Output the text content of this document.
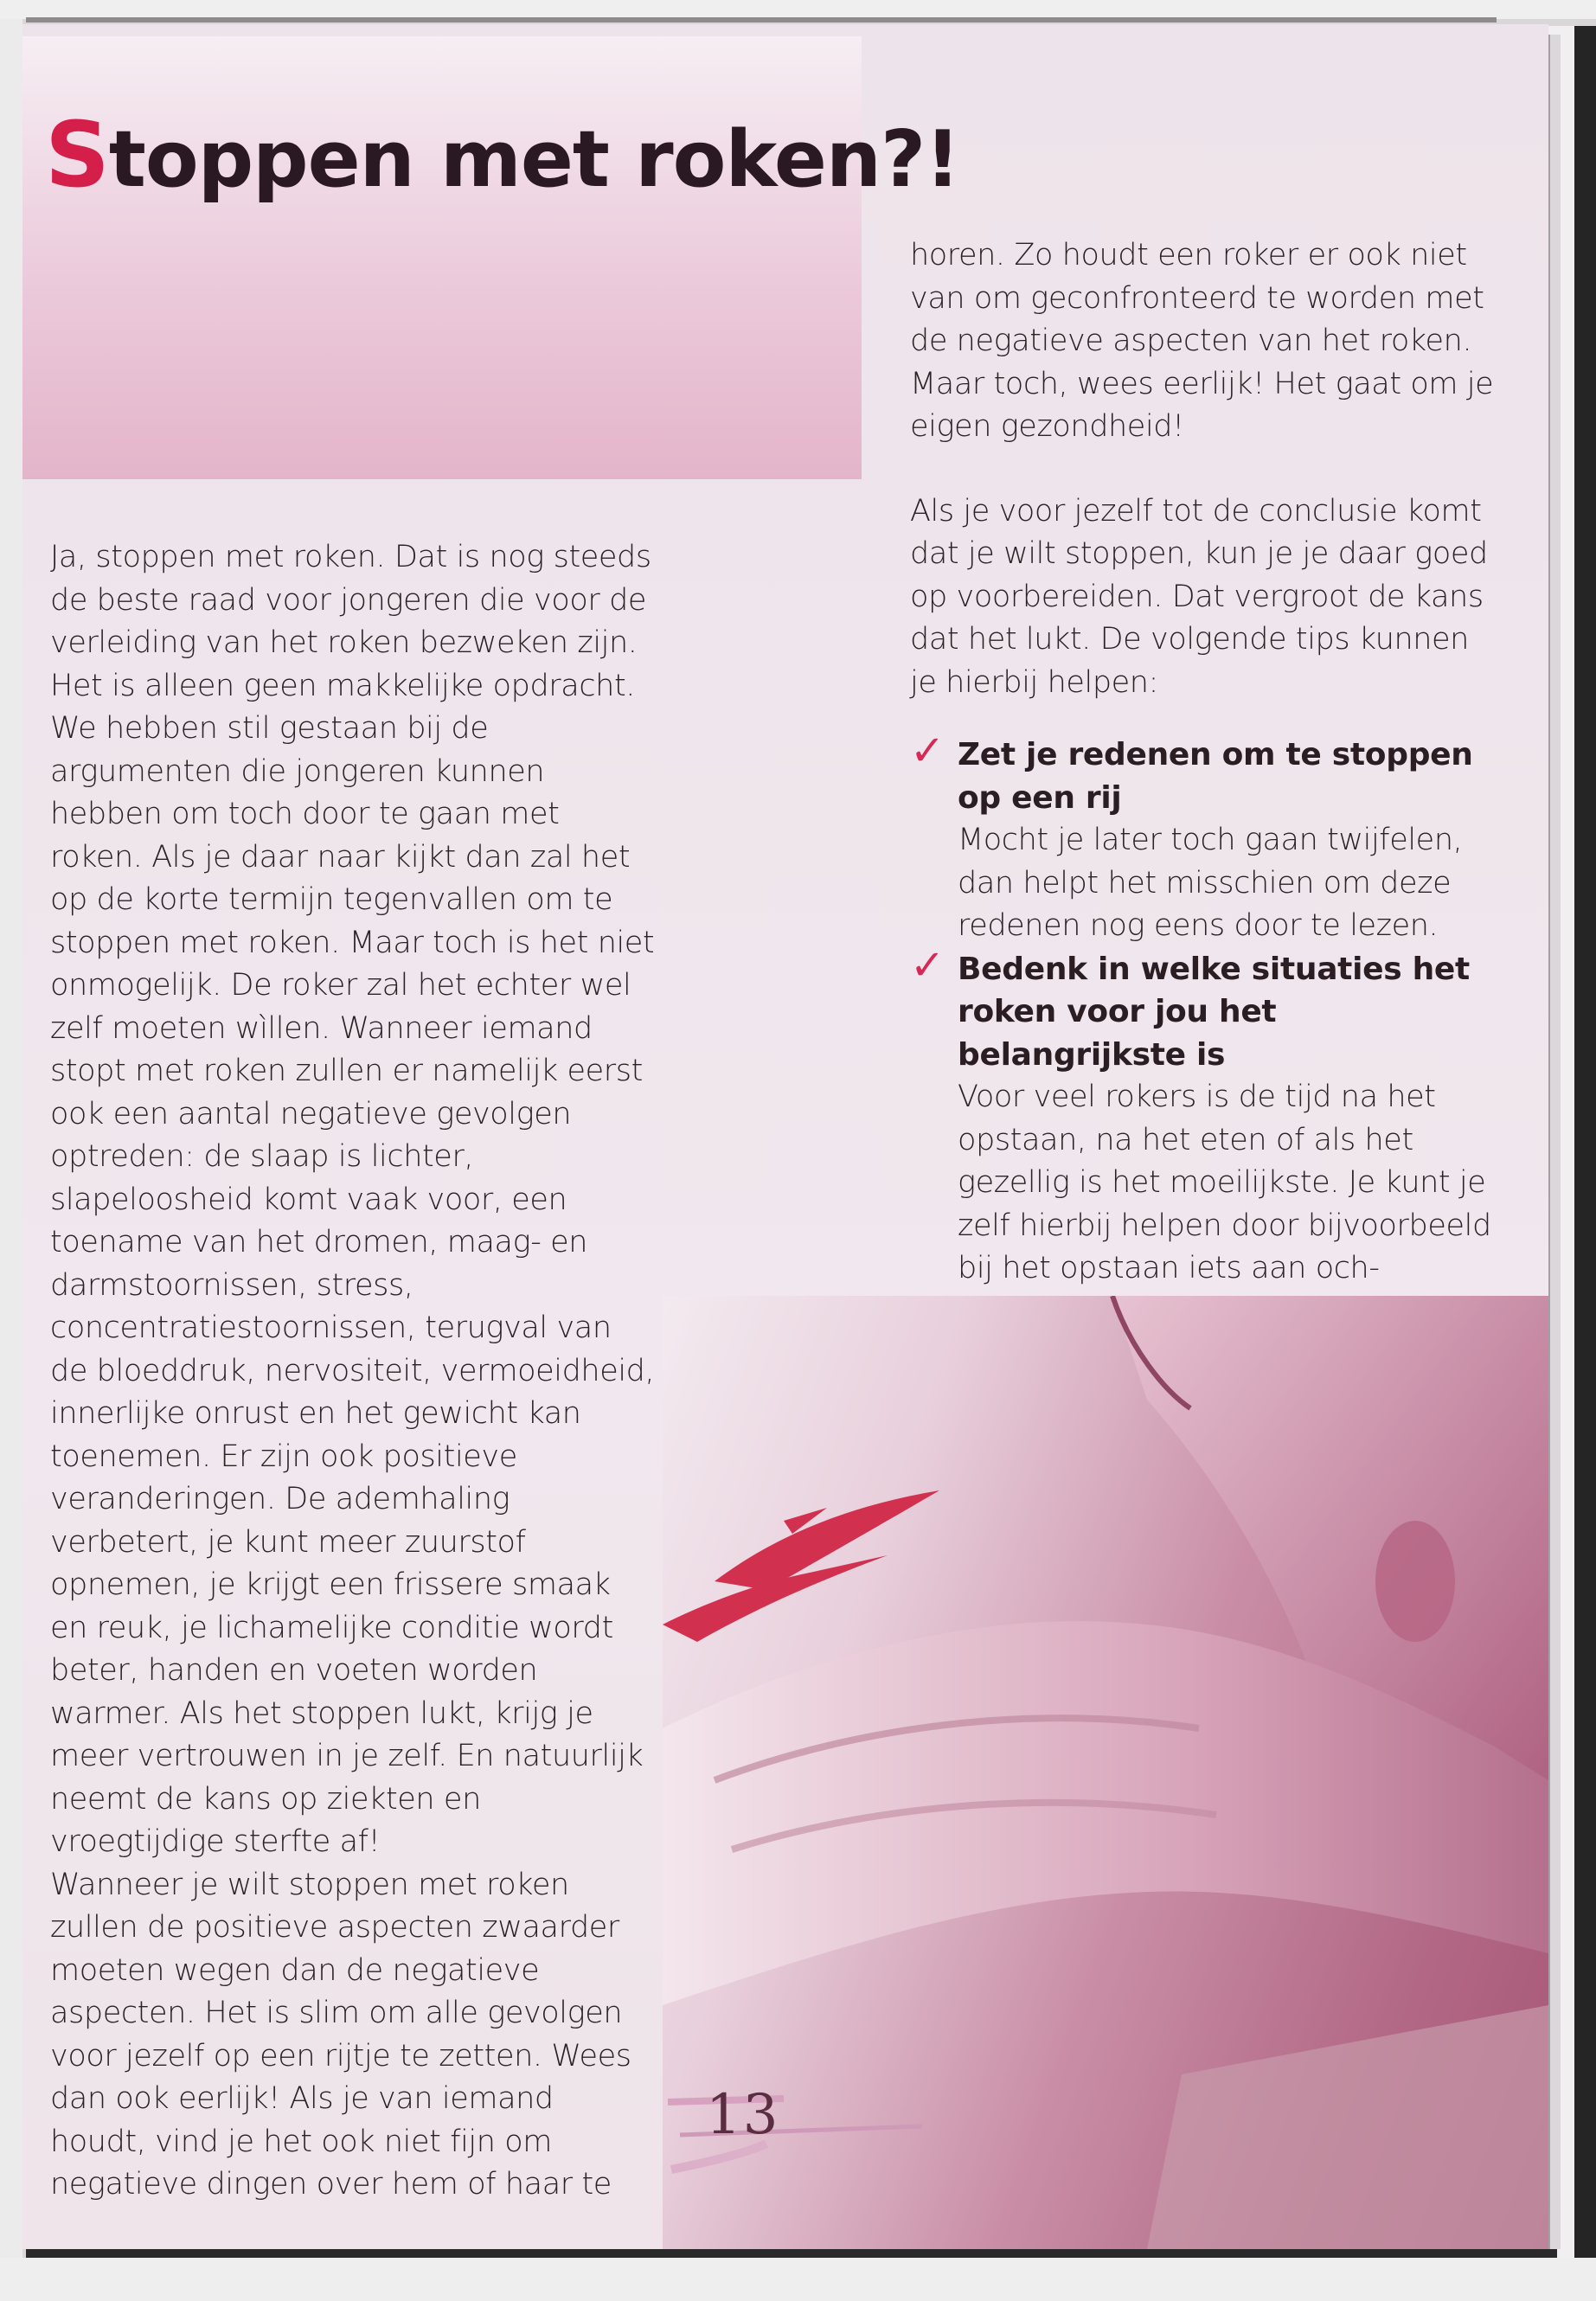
Stoppen met roken?!

Ja, stoppen met roken. Dat is nog steeds de beste raad voor jongeren die voor de verleiding van het roken bezweken zijn. Het is alleen geen makkelijke opdracht. We hebben stil gestaan bij de argumenten die jongeren kunnen hebben om toch door te gaan met roken. Als je daar naar kijkt dan zal het op de korte termijn tegenvallen om te stoppen met roken. Maar toch is het niet onmogelijk. De roker zal het echter wel zelf moeten wìllen. Wanneer iemand stopt met roken zullen er namelijk eerst ook een aantal negatieve gevolgen optreden: de slaap is lichter, slapeloosheid komt vaak voor, een toename van het dromen, maag- en darmstoornissen, stress, concentratiestoornissen, terugval van de bloeddruk, nervositeit, vermoeidheid, innerlijke onrust en het gewicht kan toenemen. Er zijn ook positieve veranderingen. De ademhaling verbetert, je kunt meer zuurstof opnemen, je krijgt een frissere smaak en reuk, je lichamelijke conditie wordt beter, handen en voeten worden warmer. Als het stoppen lukt, krijg je meer vertrouwen in je zelf. En natuurlijk neemt de kans op ziekten en vroegtijdige sterfte af!

Wanneer je wilt stoppen met roken zullen de positieve aspecten zwaarder moeten wegen dan de negatieve aspecten. Het is slim om alle gevolgen voor jezelf op een rijtje te zetten. Wees dan ook eerlijk! Als je van iemand houdt, vind je het ook niet fijn om negatieve dingen over hem of haar te

horen. Zo houdt een roker er ook niet van om geconfronteerd te worden met de negatieve aspecten van het roken. Maar toch, wees eerlijk! Het gaat om je eigen gezondheid!

Als je voor jezelf tot de conclusie komt dat je wilt stoppen, kun je je daar goed op voorbereiden. Dat vergroot de kans dat het lukt. De volgende tips kunnen je hierbij helpen:

✓ Zet je redenen om te stoppen op een rij
Mocht je later toch gaan twijfelen, dan helpt het misschien om deze redenen nog eens door te lezen.
✓ Bedenk in welke situaties het roken voor jou het belangrijkste is
Voor veel rokers is de tijd na het opstaan, na het eten of als het gezellig is het moeilijkste. Je kunt je zelf hierbij helpen door bijvoorbeeld bij het opstaan iets aan och-
13
